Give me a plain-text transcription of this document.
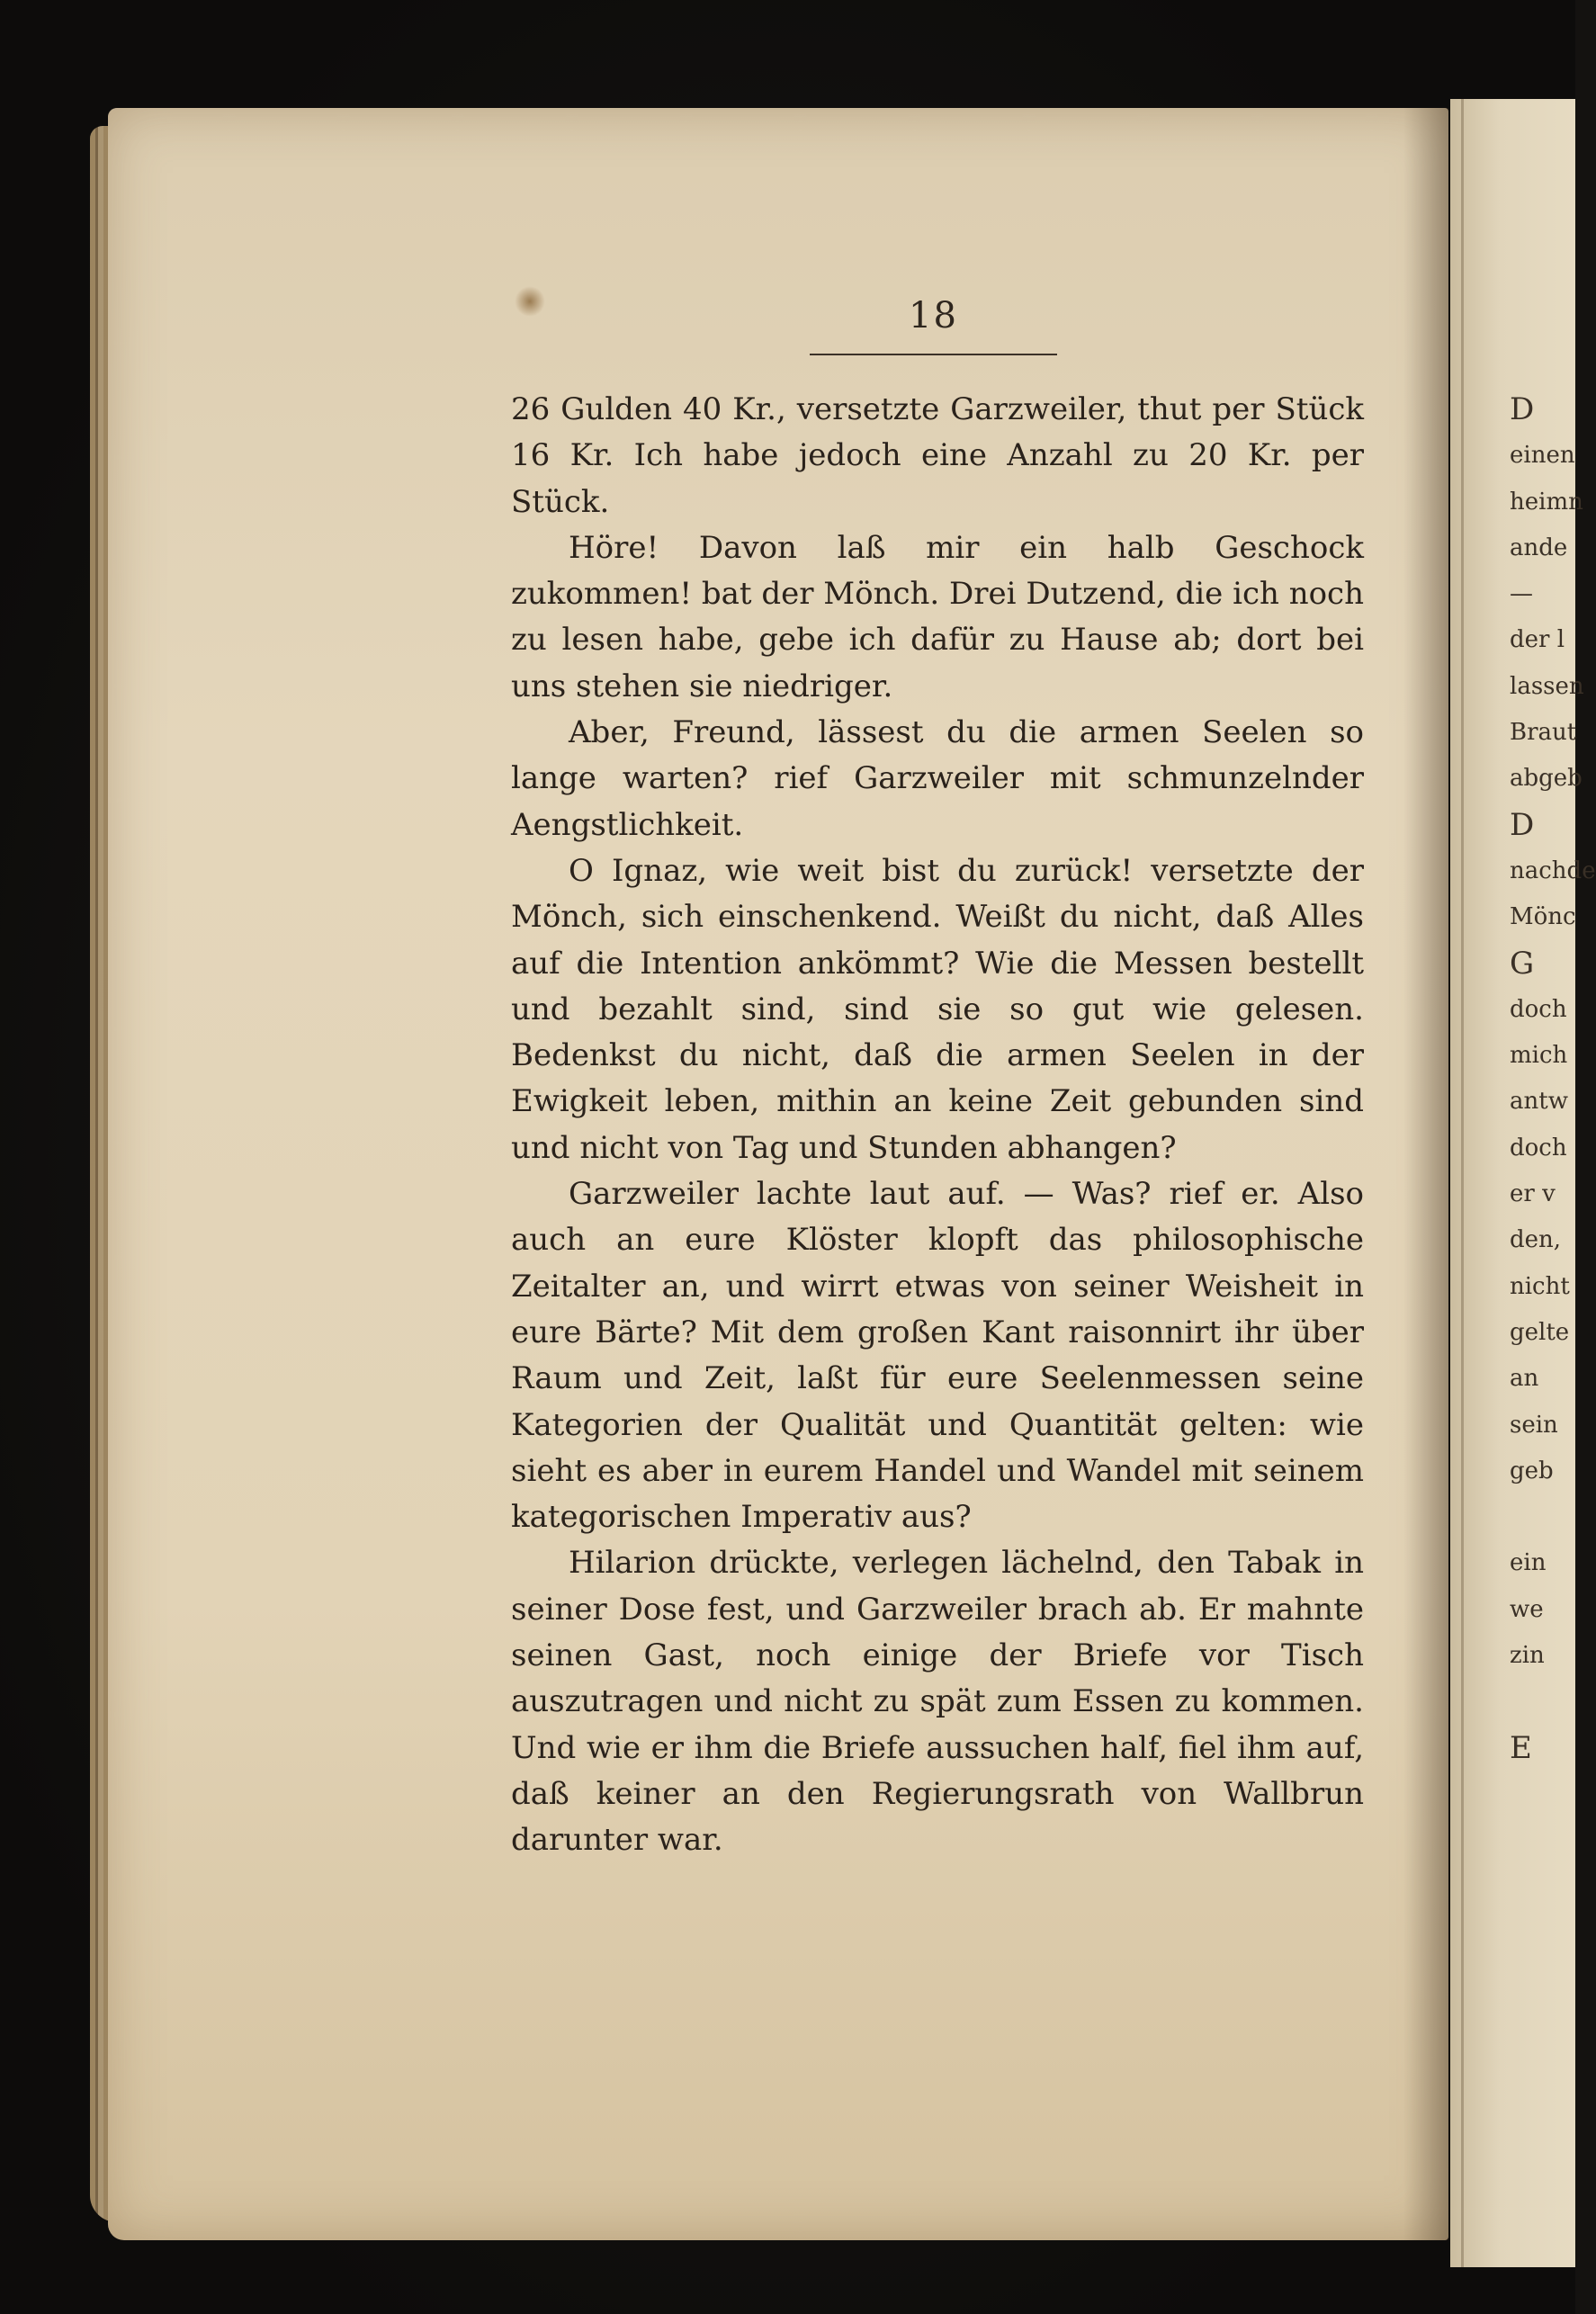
18

26 Gulden 40 Kr., versetzte Garzweiler, thut per Stück 16 Kr. Ich habe jedoch eine Anzahl zu 20 Kr. per Stück.

Höre! Davon laß mir ein halb Geschock zukommen! bat der Mönch. Drei Dutzend, die ich noch zu lesen habe, gebe ich dafür zu Hause ab; dort bei uns stehen sie niedriger.

Aber, Freund, lässest du die armen Seelen so lange warten? rief Garzweiler mit schmunzelnder Aengstlichkeit.

O Ignaz, wie weit bist du zurück! versetzte der Mönch, sich einschenkend. Weißt du nicht, daß Alles auf die Intention ankömmt? Wie die Messen bestellt und bezahlt sind, sind sie so gut wie gelesen. Bedenkst du nicht, daß die armen Seelen in der Ewigkeit leben, mithin an keine Zeit gebunden sind und nicht von Tag und Stunden abhangen?

Garzweiler lachte laut auf. — Was? rief er. Also auch an eure Klöster klopft das philosophische Zeitalter an, und wirrt etwas von seiner Weisheit in eure Bärte? Mit dem großen Kant raisonnirt ihr über Raum und Zeit, laßt für eure Seelenmessen seine Kategorien der Qualität und Quantität gelten: wie sieht es aber in eurem Handel und Wandel mit seinem kategorischen Imperativ aus?

Hilarion drückte, verlegen lächelnd, den Tabak in seiner Dose fest, und Garzweiler brach ab. Er mahnte seinen Gast, noch einige der Briefe vor Tisch auszutragen und nicht zu spät zum Essen zu kommen. Und wie er ihm die Briefe aussuchen half, fiel ihm auf, daß keiner an den Regierungsrath von Wallbrun darunter war.

D
einen
heimn
ande
—
der l
lassen
Braut
abgeb
D
nachde
Mönc
G
doch
mich
antw
doch
er v
den,
nicht
gelte
an
sein
geb
ein
we
zin
E
